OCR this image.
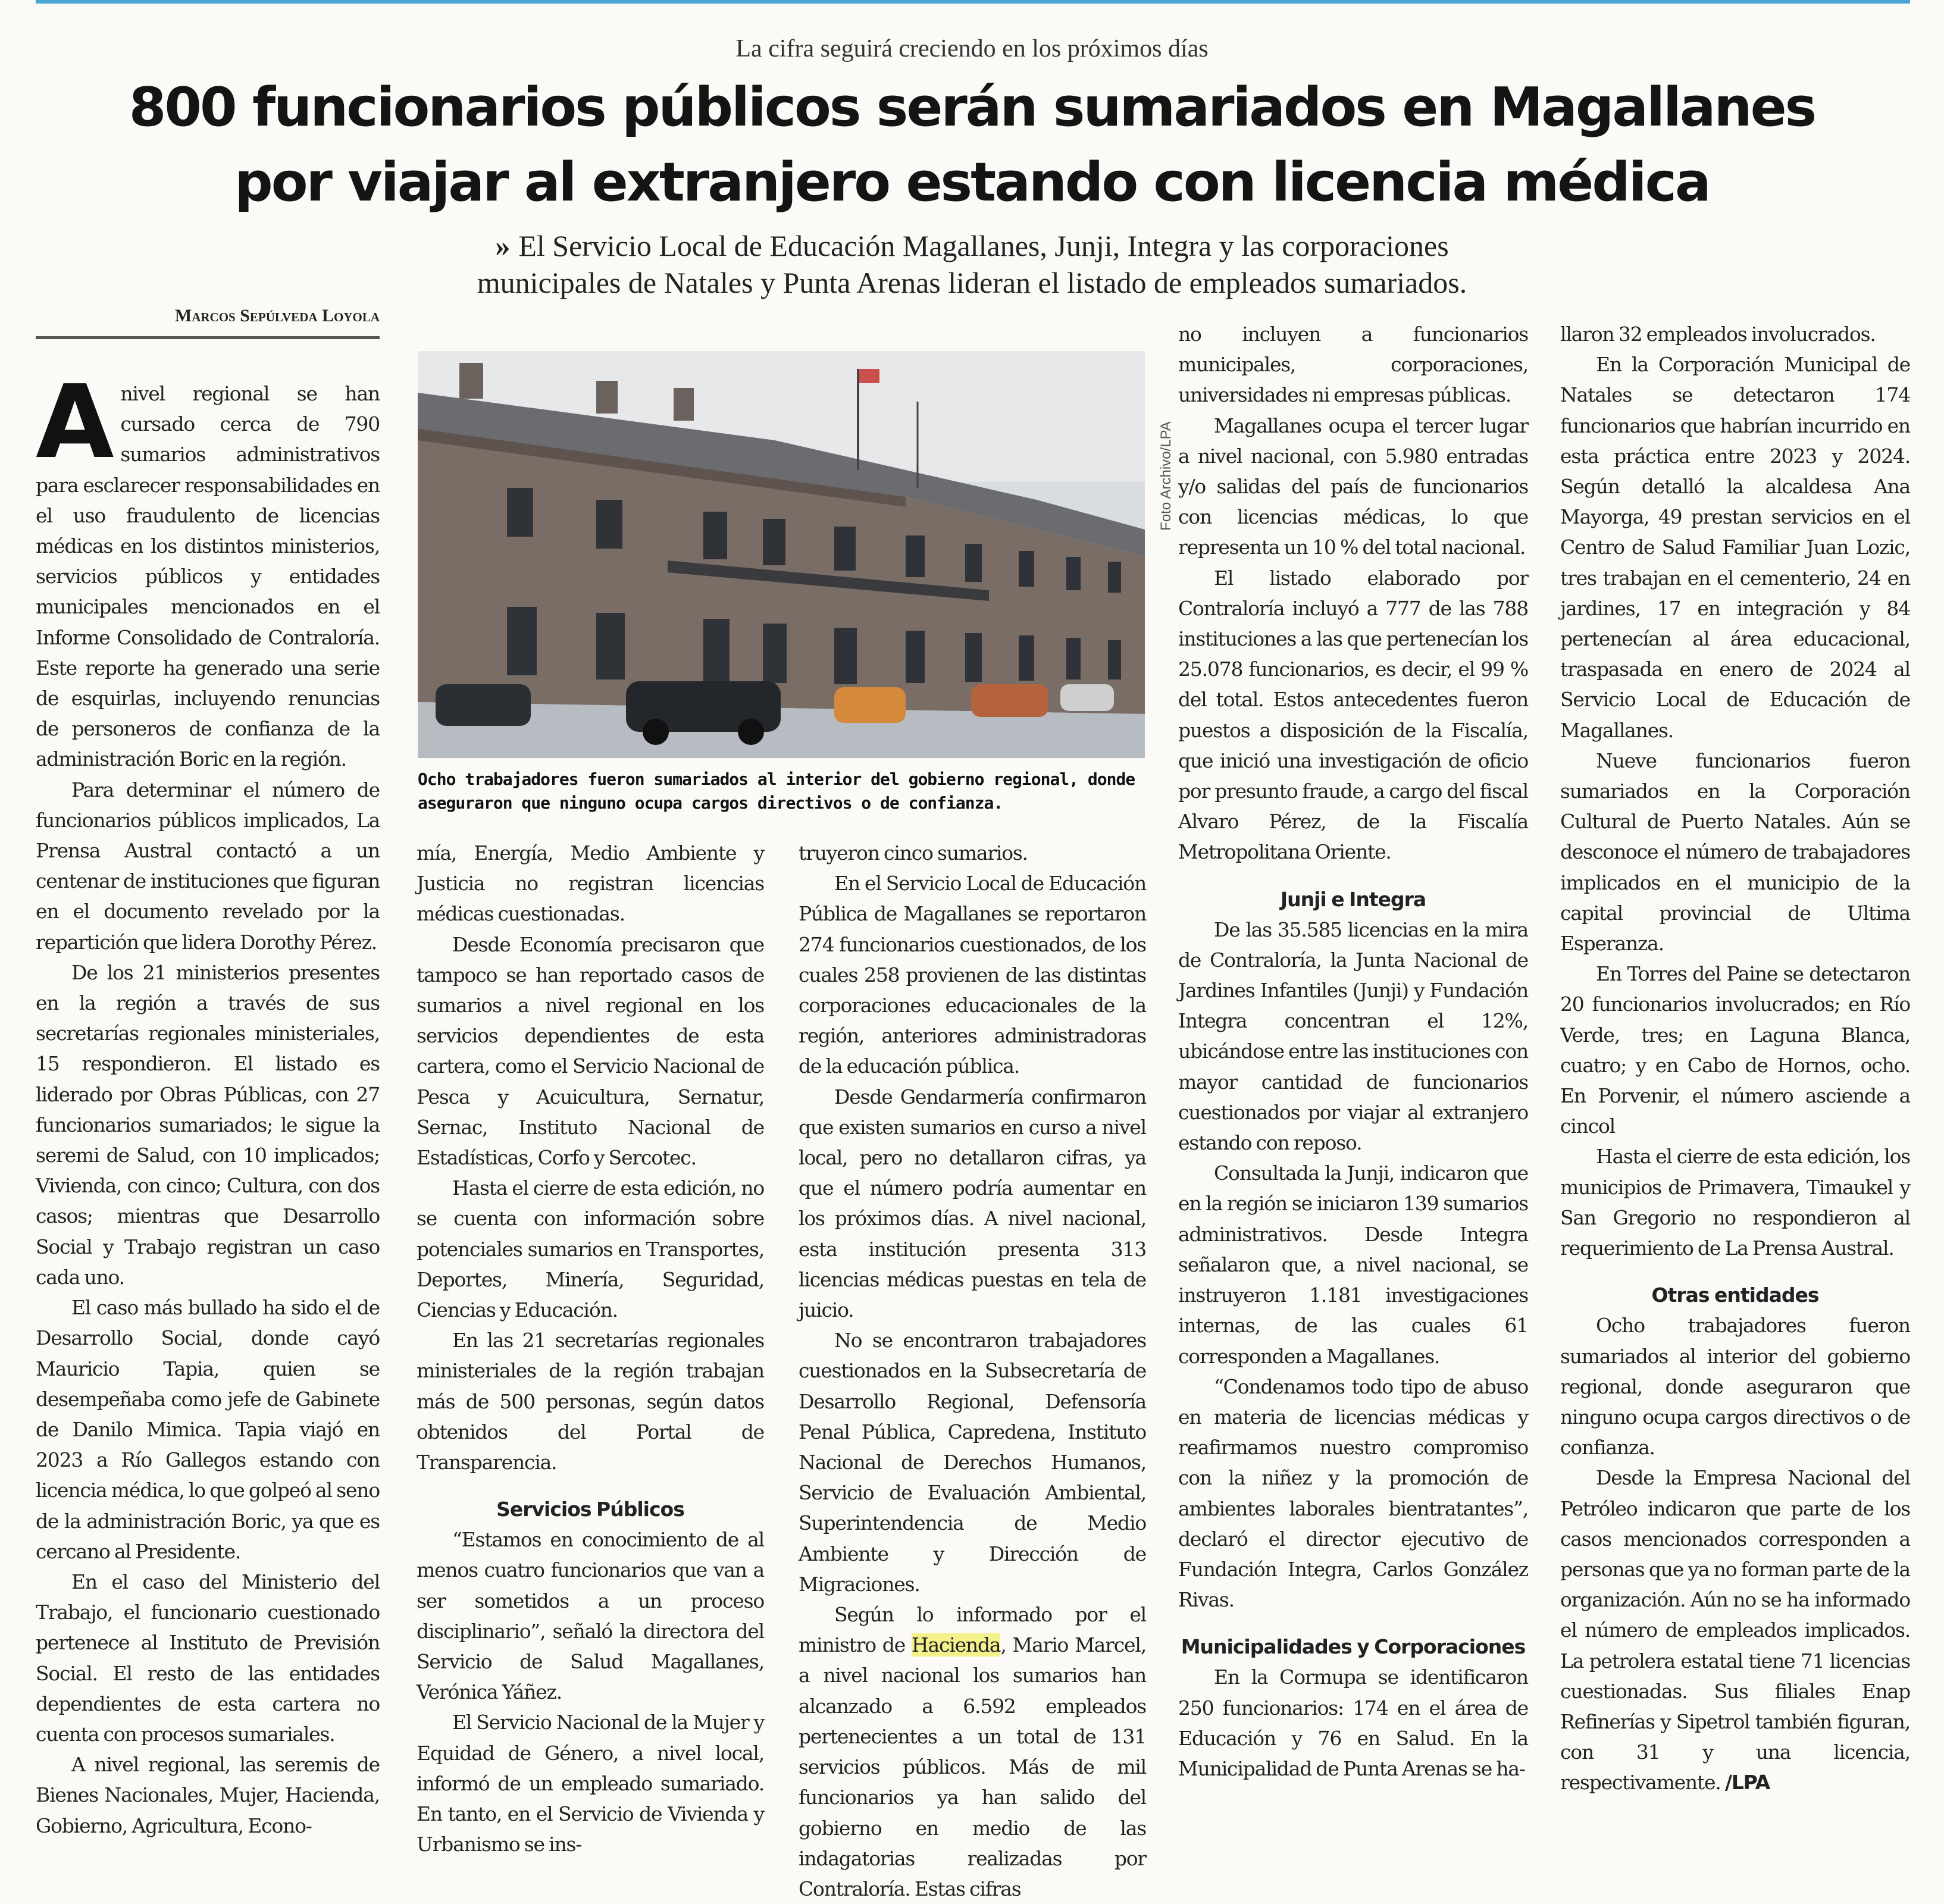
La cifra seguirá creciendo en los próximos días
800 funcionarios públicos serán sumariados en Magallanes
por viajar al extranjero estando con licencia médica

» El Servicio Local de Educación Magallanes, Junji, Integra y las corporaciones
municipales de Natales y Punta Arenas lideran el listado de empleados sumariados.

Marcos Sepúlveda Loyola

Anivel regional se han cursado cerca de 790 sumarios administrativos para esclarecer responsabilidades en el uso fraudulento de licencias médicas en los distintos ministerios, servicios públicos y entidades municipales mencionados en el Informe Consolidado de Contraloría. Este reporte ha generado una serie de esquirlas, incluyendo renuncias de personeros de confianza de la administración Boric en la región.

Para determinar el número de funcionarios públicos implicados, La Prensa Austral contactó a un centenar de instituciones que figuran en el documento revelado por la repartición que lidera Dorothy Pérez.

De los 21 ministerios presentes en la región a través de sus secretarías regionales ministeriales, 15 respondieron. El listado es liderado por Obras Públicas, con 27 funcionarios sumariados; le sigue la seremi de Salud, con 10 implicados; Vivienda, con cinco; Cultura, con dos casos; mientras que Desarrollo Social y Trabajo registran un caso cada uno.

El caso más bullado ha sido el de Desarrollo Social, donde cayó Mauricio Tapia, quien se desempeñaba como jefe de Gabinete de Danilo Mimica. Tapia viajó en 2023 a Río Gallegos estando con licencia médica, lo que golpeó al seno de la administración Boric, ya que es cercano al Presidente.

En el caso del Ministerio del Trabajo, el funcionario cuestionado pertenece al Instituto de Previsión Social. El resto de las entidades dependientes de esta cartera no cuenta con procesos sumariales.

A nivel regional, las seremis de Bienes Nacionales, Mujer, Hacienda, Gobierno, Agricultura, Econo-

Foto Archivo/LPA

Ocho trabajadores fueron sumariados al interior del gobierno regional, donde aseguraron que ninguno ocupa cargos directivos o de confianza.

mía, Energía, Medio Ambiente y Justicia no registran licencias médicas cuestionadas.

Desde Economía precisaron que tampoco se han reportado casos de sumarios a nivel regional en los servicios dependientes de esta cartera, como el Servicio Nacional de Pesca y Acuicultura, Sernatur, Sernac, Instituto Nacional de Estadísticas, Corfo y Sercotec.

Hasta el cierre de esta edición, no se cuenta con información sobre potenciales sumarios en Transportes, Deportes, Minería, Seguridad, Ciencias y Educación.

En las 21 secretarías regionales ministeriales de la región trabajan más de 500 personas, según datos obtenidos del Portal de Transparencia.

Servicios Públicos

“Estamos en conocimiento de al menos cuatro funcionarios que van a ser sometidos a un proceso disciplinario”, señaló la directora del Servicio de Salud Magallanes, Verónica Yáñez.

El Servicio Nacional de la Mujer y Equidad de Género, a nivel local, informó de un empleado sumariado. En tanto, en el Servicio de Vivienda y Urbanismo se ins-

truyeron cinco sumarios.

En el Servicio Local de Educación Pública de Magallanes se reportaron 274 funcionarios cuestionados, de los cuales 258 provienen de las distintas corporaciones educacionales de la región, anteriores administradoras de la educación pública.

Desde Gendarmería confirmaron que existen sumarios en curso a nivel local, pero no detallaron cifras, ya que el número podría aumentar en los próximos días. A nivel nacional, esta institución presenta 313 licencias médicas puestas en tela de juicio.

No se encontraron trabajadores cuestionados en la Subsecretaría de Desarrollo Regional, Defensoría Penal Pública, Capredena, Instituto Nacional de Derechos Humanos, Servicio de Evaluación Ambiental, Superintendencia de Medio Ambiente y Dirección de Migraciones.

Según lo informado por el ministro de Hacienda, Mario Marcel, a nivel nacional los sumarios han alcanzado a 6.592 empleados pertenecientes a un total de 131 servicios públicos. Más de mil funcionarios ya han salido del gobierno en medio de las indagatorias realizadas por Contraloría. Estas cifras

no incluyen a funcionarios municipales, corporaciones, universidades ni empresas públicas.

Magallanes ocupa el tercer lugar a nivel nacional, con 5.980 entradas y/o salidas del país de funcionarios con licencias médicas, lo que representa un 10 % del total nacional.

El listado elaborado por Contraloría incluyó a 777 de las 788 instituciones a las que pertenecían los 25.078 funcionarios, es decir, el 99 % del total. Estos antecedentes fueron puestos a disposición de la Fiscalía, que inició una investigación de oficio por presunto fraude, a cargo del fiscal Alvaro Pérez, de la Fiscalía Metropolitana Oriente.

Junji e Integra

De las 35.585 licencias en la mira de Contraloría, la Junta Nacional de Jardines Infantiles (Junji) y Fundación Integra concentran el 12%, ubicándose entre las instituciones con mayor cantidad de funcionarios cuestionados por viajar al extranjero estando con reposo.

Consultada la Junji, indicaron que en la región se iniciaron 139 sumarios administrativos. Desde Integra señalaron que, a nivel nacional, se instruyeron 1.181 investigaciones internas, de las cuales 61 corresponden a Magallanes.

“Condenamos todo tipo de abuso en materia de licencias médicas y reafirmamos nuestro compromiso con la niñez y la promoción de ambientes laborales bientratantes”, declaró el director ejecutivo de Fundación Integra, Carlos González Rivas.

Municipalidades y Corporaciones

En la Cormupa se identificaron 250 funcionarios: 174 en el área de Educación y 76 en Salud. En la Municipalidad de Punta Arenas se ha-

llaron 32 empleados involucrados.

En la Corporación Municipal de Natales se detectaron 174 funcionarios que habrían incurrido en esta práctica entre 2023 y 2024. Según detalló la alcaldesa Ana Mayorga, 49 prestan servicios en el Centro de Salud Familiar Juan Lozic, tres trabajan en el cementerio, 24 en jardines, 17 en integración y 84 pertenecían al área educacional, traspasada en enero de 2024 al Servicio Local de Educación de Magallanes.

Nueve funcionarios fueron sumariados en la Corporación Cultural de Puerto Natales. Aún se desconoce el número de trabajadores implicados en el municipio de la capital provincial de Ultima Esperanza.

En Torres del Paine se detectaron 20 funcionarios involucrados; en Río Verde, tres; en Laguna Blanca, cuatro; y en Cabo de Hornos, ocho. En Porvenir, el número asciende a cincol

Hasta el cierre de esta edición, los municipios de Primavera, Timaukel y San Gregorio no respondieron al requerimiento de La Prensa Austral.

Otras entidades

Ocho trabajadores fueron sumariados al interior del gobierno regional, donde aseguraron que ninguno ocupa cargos directivos o de confianza.

Desde la Empresa Nacional del Petróleo indicaron que parte de los casos mencionados corresponden a personas que ya no forman parte de la organización. Aún no se ha informado el número de empleados implicados. La petrolera estatal tiene 71 licencias cuestionadas. Sus filiales Enap Refinerías y Sipetrol también figuran, con 31 y una licencia, respectivamente. /LPA
